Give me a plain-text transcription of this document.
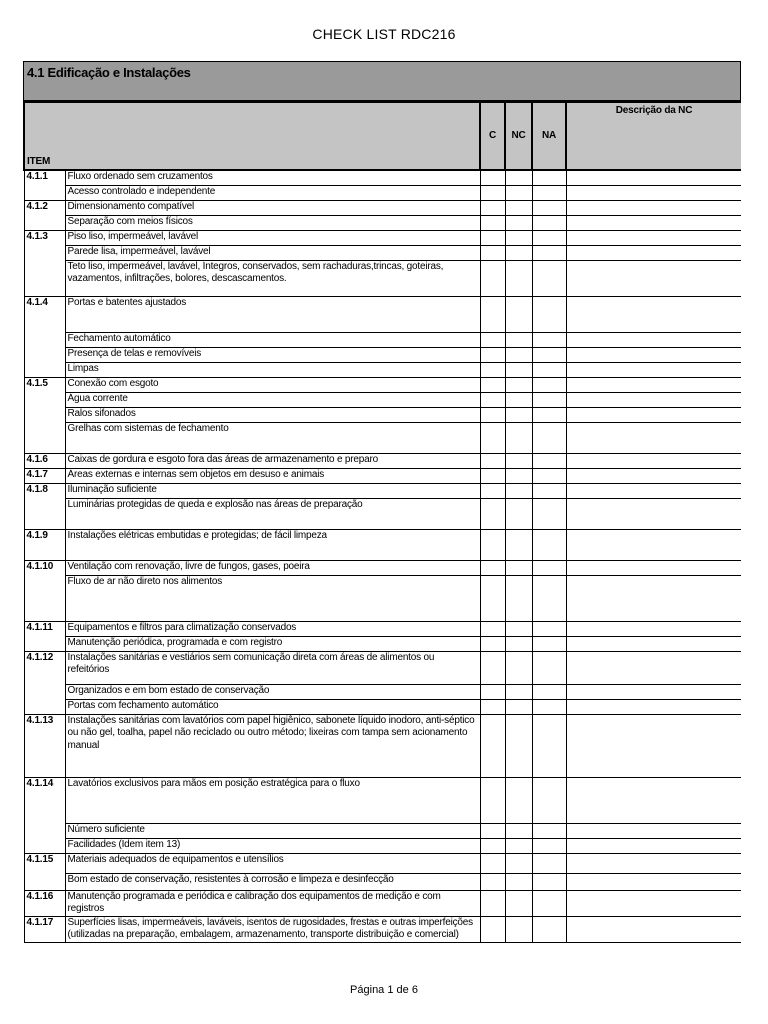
CHECK LIST RDC216
4.1 Edificação e Instalações
ITEM		C	NC	NA	Descrição da NC
4.1.1	Fluxo ordenado sem cruzamentos				
	Acesso controlado e independente				
4.1.2	Dimensionamento compatível				
	Separação com meios físicos				
4.1.3	Piso liso, impermeável, lavável				
	Parede lisa, impermeável, lavável				
	Teto liso, impermeável, lavável, Íntegros, conservados, sem rachaduras,trincas, goteiras, vazamentos, infiltrações, bolores, descascamentos.				
4.1.4	Portas e batentes ajustados				
	Fechamento automático				
	Presença de telas e removíveis				
	Limpas				
4.1.5	Conexão com esgoto				
	Água corrente				
	Ralos sifonados				
	Grelhas com sistemas de fechamento				
4.1.6	Caixas de gordura e esgoto fora das áreas de armazenamento e preparo				
4.1.7	Áreas externas e internas sem objetos em desuso e animais				
4.1.8	Iluminação suficiente				
	Luminárias protegidas de queda e explosão nas áreas de preparação				
4.1.9	Instalações elétricas embutidas e protegidas; de fácil limpeza				
4.1.10	Ventilação com renovação, livre de fungos, gases, poeira				
	Fluxo de ar não direto nos alimentos				
4.1.11	Equipamentos e filtros para climatização conservados				
	Manutenção periódica, programada e com registro				
4.1.12	Instalações sanitárias e vestiários sem comunicação direta com áreas de alimentos ou refeitórios				
	Organizados e em bom estado de conservação				
	Portas com fechamento automático				
4.1.13	Instalações sanitárias com lavatórios com papel higiênico, sabonete líquido inodoro, anti-séptico ou não gel, toalha, papel não reciclado ou outro método; lixeiras com tampa sem acionamento manual				
4.1.14	Lavatórios exclusivos para mãos em posição estratégica para o fluxo				
	Número suficiente				
	Facilidades (Idem item 13)				
4.1.15	Materiais adequados de equipamentos e utensílios				
	Bom estado de conservação, resistentes à corrosão e limpeza e desinfecção				
4.1.16	Manutenção programada e periódica e calibração dos equipamentos de medição e com registros				
4.1.17	Superfícies lisas, impermeáveis, laváveis, isentos de rugosidades, frestas e outras imperfeições (utilizadas na preparação, embalagem, armazenamento, transporte distribuição e comercial)				
Página 1 de 6
